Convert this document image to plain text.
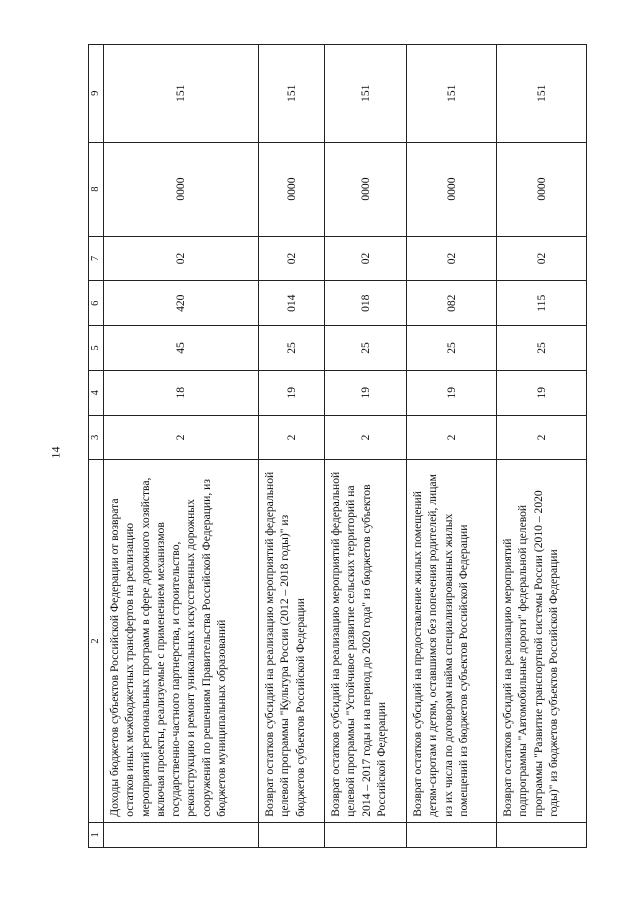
14
1	2	3	4	5	6	7	8	9
	Доходы бюджетов субъектов Российской Федерации от возврата остатков иных межбюджетных трансфертов на реализацию мероприятий региональных программ в сфере дорожного хозяйства, включая проекты, реализуемые с применением механизмов государственно-частного партнерства, и строительство, реконструкцию и ремонт уникальных искусственных дорожных сооружений по решениям Правительства Российской Федерации, из бюджетов муниципальных образований	2	18	45	420	02	0000	151
	Возврат остатков субсидий на реализацию мероприятий федеральной целевой программы "Культура России (2012 – 2018 годы)" из бюджетов субъектов Российской Федерации	2	19	25	014	02	0000	151
	Возврат остатков субсидий на реализацию мероприятий федеральной целевой программы "Устойчивое развитие сельских территорий на 2014 – 2017 годы и на период до 2020 года" из бюджетов субъектов Российской Федерации	2	19	25	018	02	0000	151
	Возврат остатков субсидий на предоставление жилых помещений детям-сиротам и детям, оставшимся без попечения родителей, лицам из их числа по договорам найма специализированных жилых помещений из бюджетов субъектов Российской Федерации	2	19	25	082	02	0000	151
	Возврат остатков субсидий на реализацию мероприятий подпрограммы "Автомобильные дороги" федеральной целевой программы "Развитие транспортной системы России (2010 – 2020 годы)" из бюджетов субъектов Российской Федерации	2	19	25	115	02	0000	151
